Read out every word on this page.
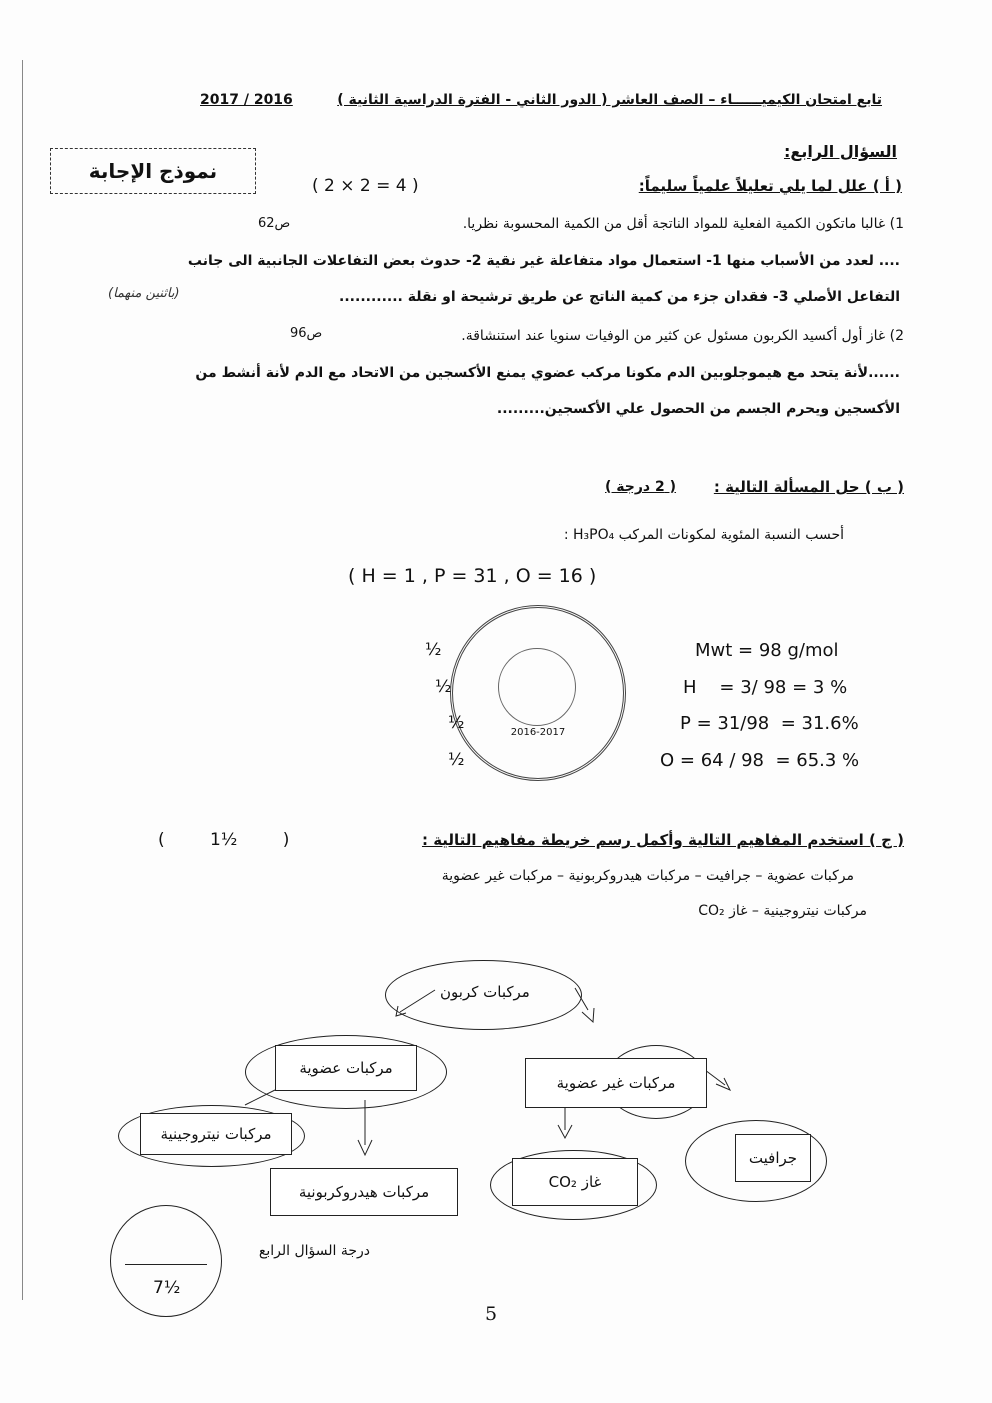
تابع امتحان الكيميــــــاء – الصف العاشر ( الدور الثاني - الفترة الدراسية الثانية )
2017 / 2016
نموذج الإجابة
السؤال الرابع:
( أ ) علل لما يلي تعليلاً علمياً سليماً:
( 2 × 2 = 4 )
1) غالبا ماتكون الكمية الفعلية للمواد الناتجة أقل من الكمية المحسوبة نظريا.
ص62
.... لعدد من الأسباب منها 1- استعمال مواد متفاعلة غير نقية 2- حدوث بعض التفاعلات الجانبية الى جانب
التفاعل الأصلي 3- فقدان جزء من كمية الناتج عن طريق ترشيحة او نقلة ............
(باثنين منهما)
2) غاز أول أكسيد الكربون مسئول عن كثير من الوفيات سنويا عند استنشاقة.
ص96
......لأنة يتحد مع هيموجلوبين الدم مكونا مركب عضوي يمنع الأكسجين من الاتحاد مع الدم لأنة أنشط من
الأكسجين ويحرم الجسم من الحصول علي الأكسجين.........
( ب ) حل المسألة التالية :
( 2 درجة )
أحسب النسبة المئوية لمكونات المركب H₃PO₄ :
( H = 1 , P = 31 , O = 16 )
2016-2017
½	Mwt = 98 g/mol
½	H    = 3/ 98 = 3 %
½	P = 31/98  = 31.6%
½	O = 64 / 98  = 65.3 %
( ج ) استخدم المفاهيم التالية وأكمل رسم خريطة مفاهيم التالية :
( 1½ )
مركبات عضوية – جرافيت – مركبات هيدروكربونية – مركبات غير عضوية
مركبات نيتروجينية – غاز CO₂
مركبات كربون
مركبات عضوية
مركبات غير عضوية
مركبات نيتروجينية
مركبات هيدروكربونية
غاز CO₂
جرافيت
7½
درجة السؤال الرابع
5
